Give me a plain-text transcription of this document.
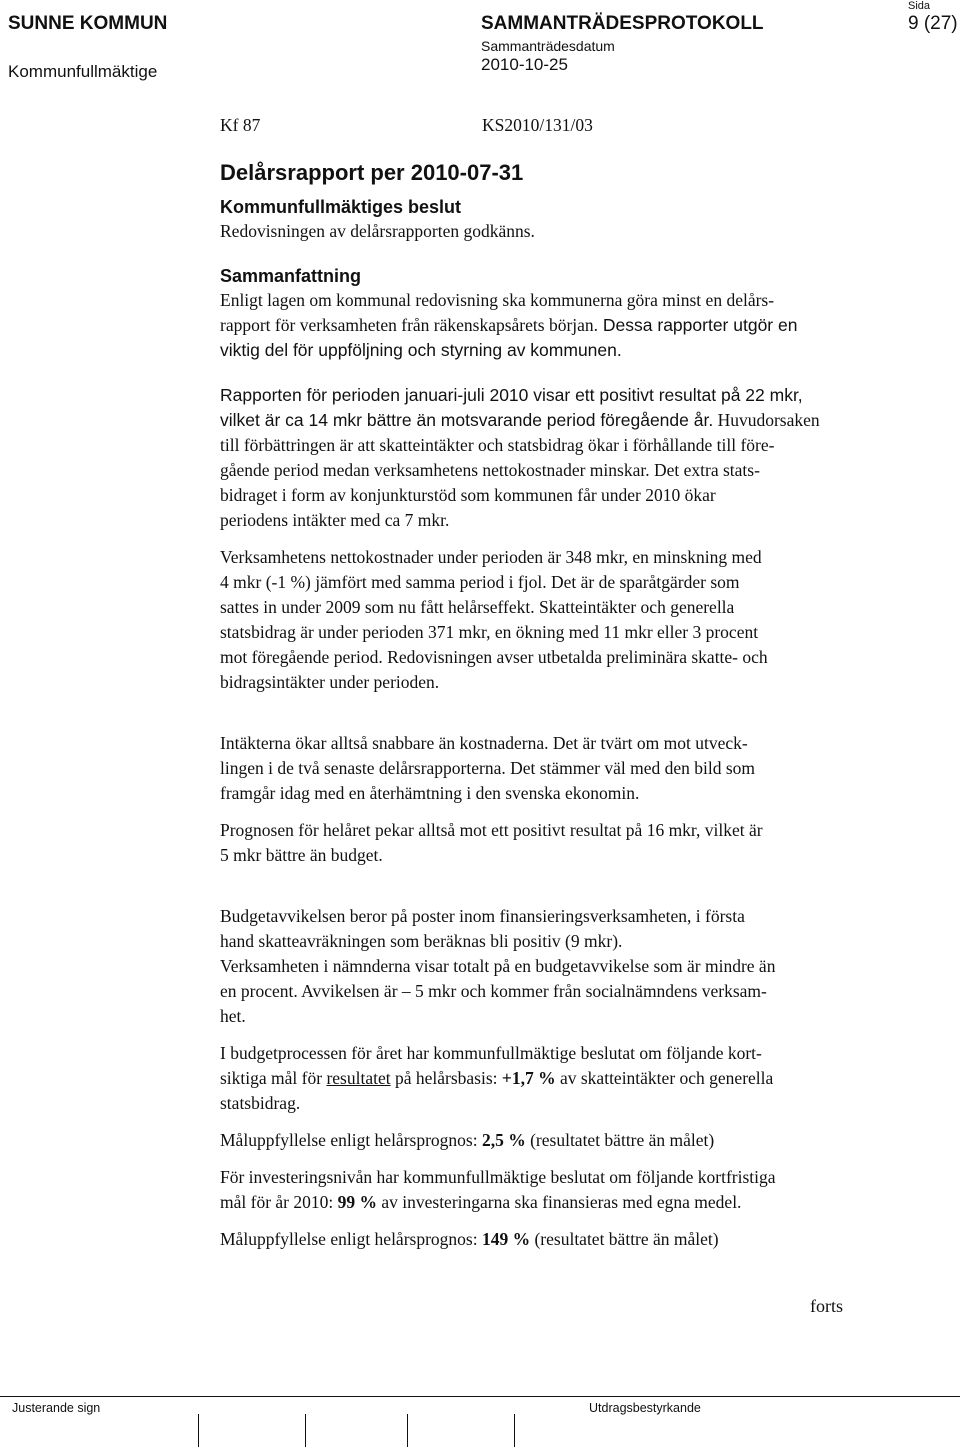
SUNNE KOMMUN
Kommunfullmäktige
SAMMANTRÄDESPROTOKOLL
Sammanträdesdatum
2010-10-25
Sida
9 (27)
Kf 87	KS2010/131/03
Delårsrapport per 2010-07-31
Kommunfullmäktiges beslut

Redovisningen av delårsrapporten godkänns.

Sammanfattning

Enligt lagen om kommunal redovisning ska kommunerna göra minst en delårs-

rapport för verksamheten från räkenskapsårets början. Dessa rapporter utgör en

viktig del för uppföljning och styrning av kommunen.

Rapporten för perioden januari-juli 2010 visar ett positivt resultat på 22 mkr,

vilket är ca 14 mkr bättre än motsvarande period föregående år. Huvudorsaken

till förbättringen är att skatteintäkter och statsbidrag ökar i förhållande till före-

gående period medan verksamhetens nettokostnader minskar. Det extra stats-

bidraget i form av konjunkturstöd som kommunen får under 2010 ökar

periodens intäkter med ca 7 mkr.

Verksamhetens nettokostnader under perioden är 348 mkr, en minskning med

4 mkr (-1 %) jämfört med samma period i fjol. Det är de sparåtgärder som

sattes in under 2009 som nu fått helårseffekt. Skatteintäkter och generella

statsbidrag är under perioden 371 mkr, en ökning med 11 mkr eller 3 procent

mot föregående period. Redovisningen avser utbetalda preliminära skatte- och

bidragsintäkter under perioden.

Intäkterna ökar alltså snabbare än kostnaderna. Det är tvärt om mot utveck-

lingen i de två senaste delårsrapporterna. Det stämmer väl med den bild som

framgår idag med en återhämtning i den svenska ekonomin.

Prognosen för helåret pekar alltså mot ett positivt resultat på 16 mkr, vilket är

5 mkr bättre än budget.

Budgetavvikelsen beror på poster inom finansieringsverksamheten, i första

hand skatteavräkningen som beräknas bli positiv (9 mkr).

Verksamheten i nämnderna visar totalt på en budgetavvikelse som är mindre än

en procent. Avvikelsen är – 5 mkr och kommer från socialnämndens verksam-

het.

I budgetprocessen för året har kommunfullmäktige beslutat om följande kort-

siktiga mål för resultatet på helårsbasis: +1,7 % av skatteintäkter och generella

statsbidrag.

Måluppfyllelse enligt helårsprognos: 2,5 % (resultatet bättre än målet)

För investeringsnivån har kommunfullmäktige beslutat om följande kortfristiga

mål för år 2010: 99 % av investeringarna ska finansieras med egna medel.

Måluppfyllelse enligt helårsprognos: 149 % (resultatet bättre än målet)

forts
Justerande sign	Utdragsbestyrkande
